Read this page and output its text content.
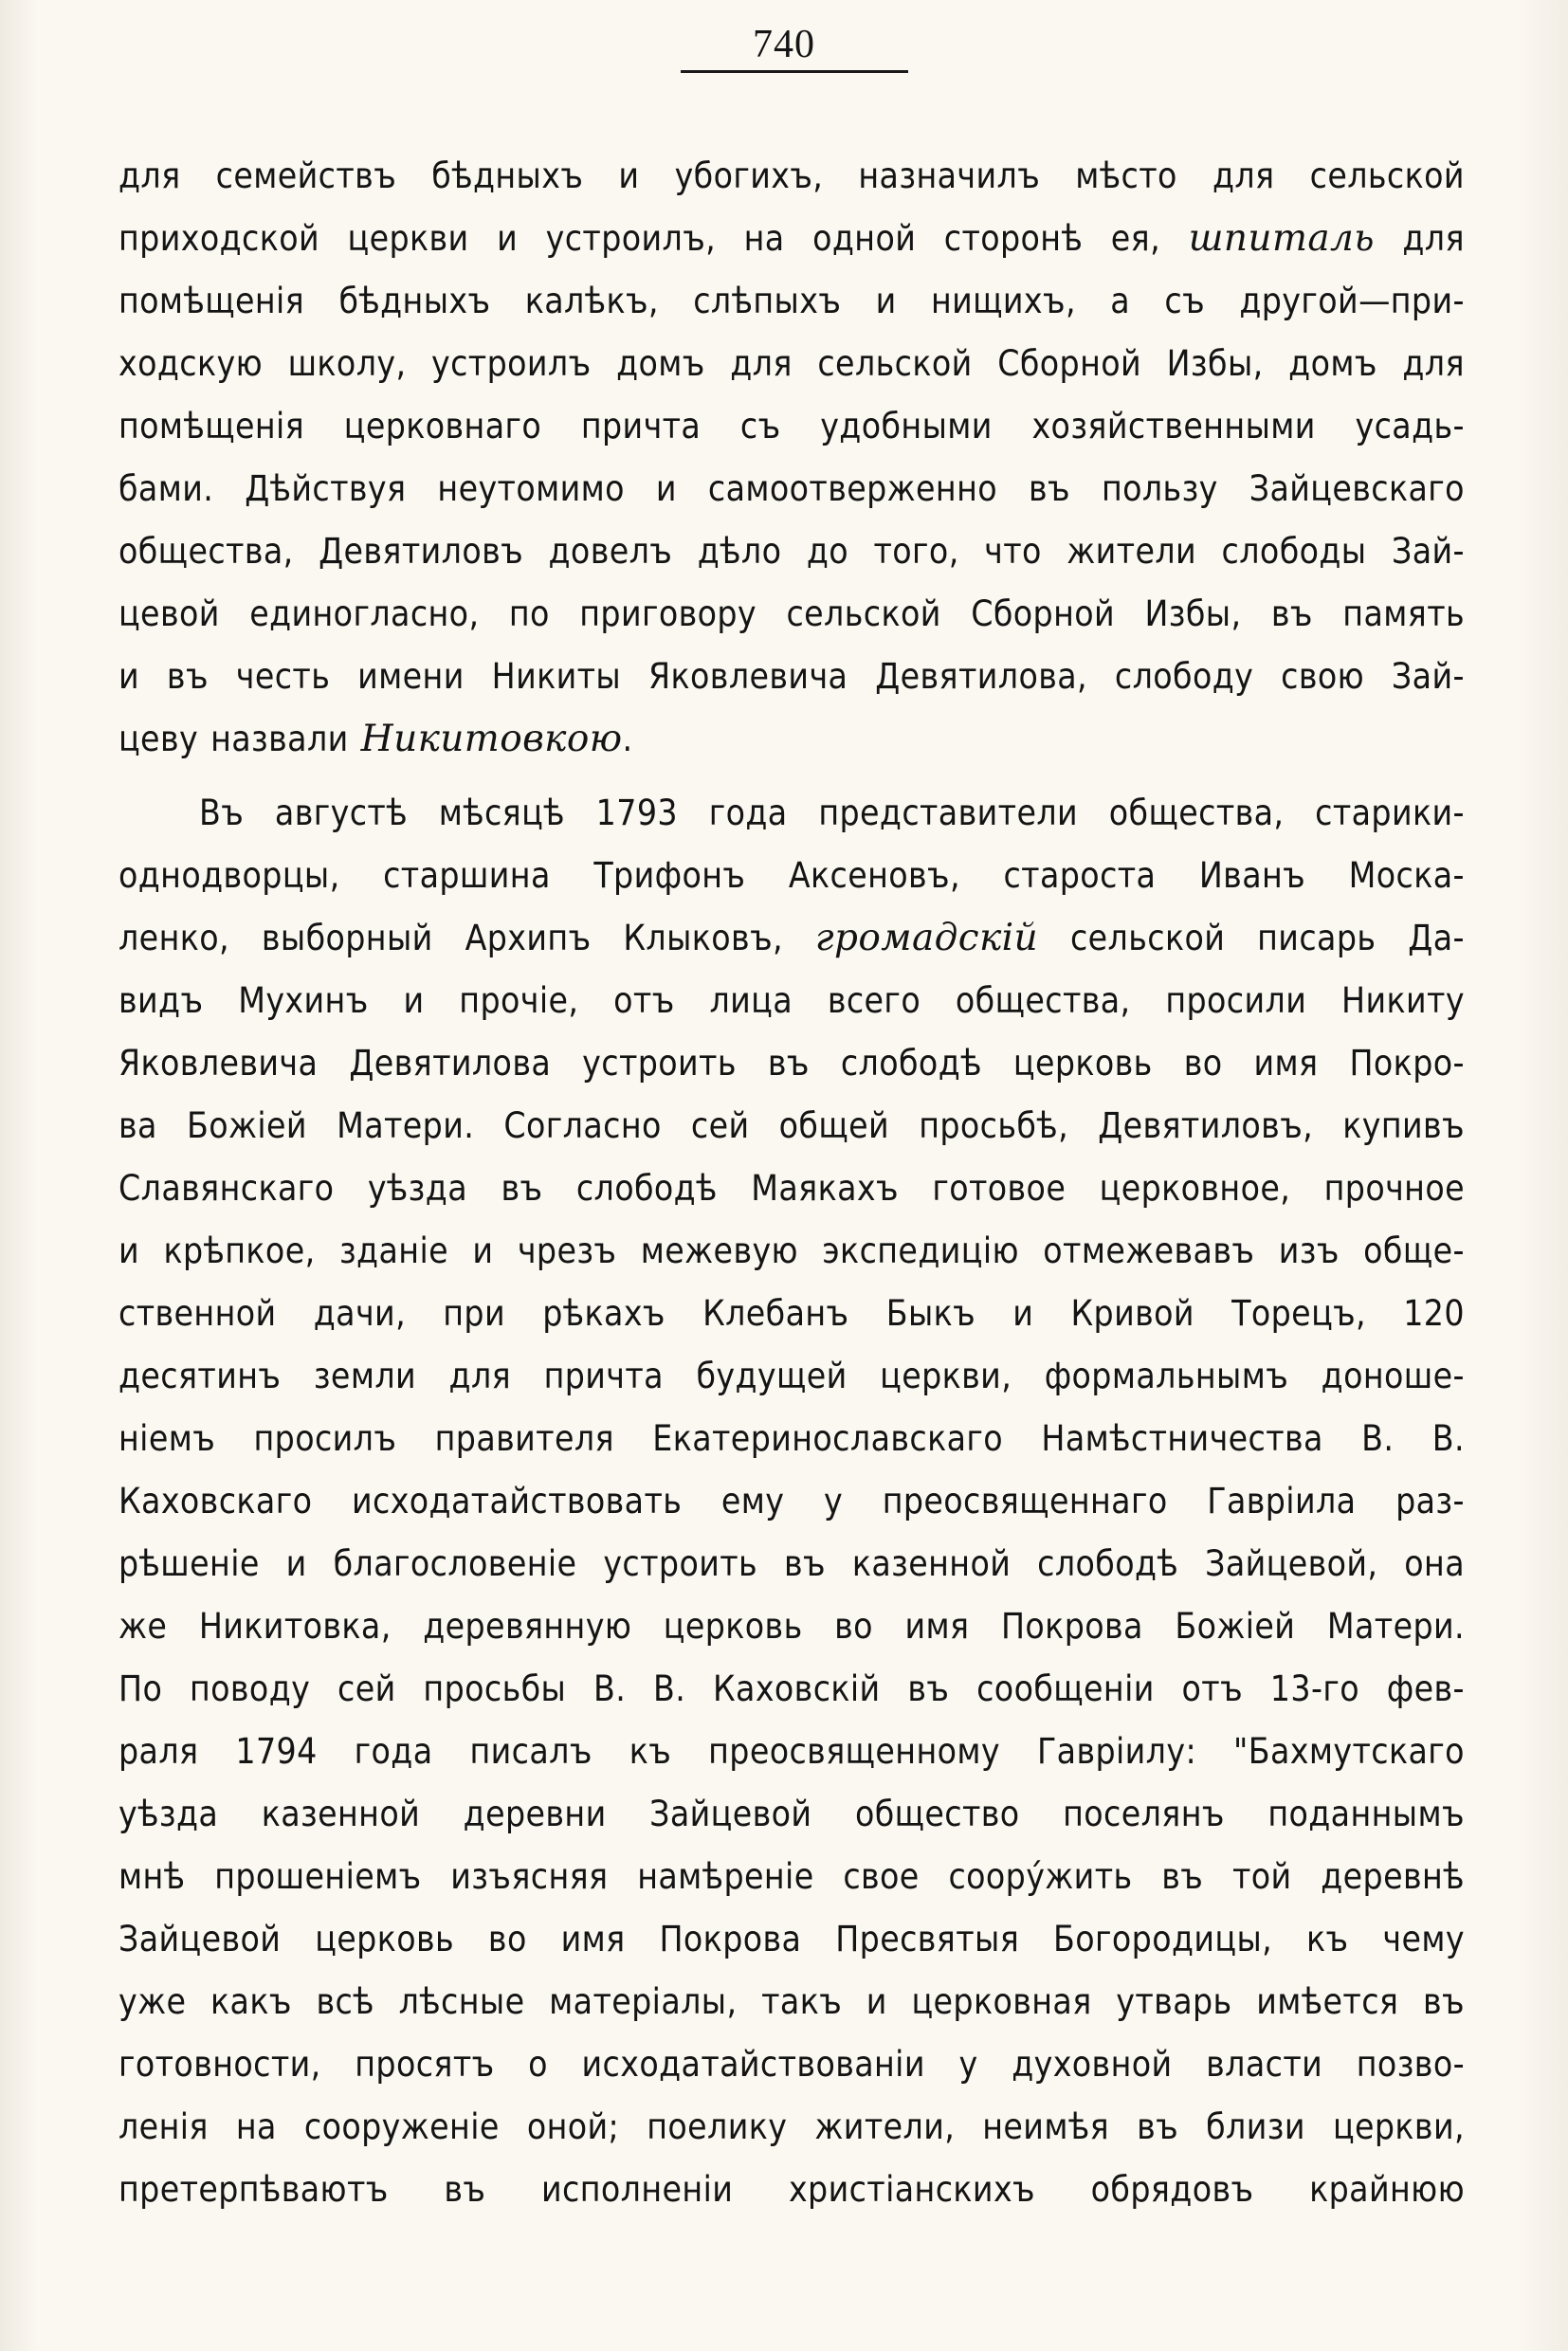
740
для семействъ бѣдныхъ и убогихъ, назначилъ мѣсто для сельской
приходской церкви и устроилъ, на одной сторонѣ ея, шпиталь для
помѣщенія бѣдныхъ калѣкъ, слѣпыхъ и нищихъ, а съ другой—при-
ходскую школу, устроилъ домъ для сельской Сборной Избы, домъ для
помѣщенія церковнаго причта съ удобными хозяйственными усадь-
бами. Дѣйствуя неутомимо и самоотверженно въ пользу Зайцевскаго
общества, Девятиловъ довелъ дѣло до того, что жители слободы Зай-
цевой единогласно, по приговору сельской Сборной Избы, въ память
и въ честь имени Никиты Яковлевича Девятилова, слободу свою Зай-
цеву назвали Никитовкою .
Въ августѣ мѣсяцѣ 1793 года представители общества, старики-
однодворцы, старшина Трифонъ Аксеновъ, староста Иванъ Моска-
ленко, выборный Архипъ Клыковъ, громадскій сельской писарь Да-
видъ Мухинъ и прочіе, отъ лица всего общества, просили Никиту
Яковлевича Девятилова устроить въ слободѣ церковь во имя Покро-
ва Божіей Матери. Согласно сей общей просьбѣ, Девятиловъ, купивъ
Славянскаго уѣзда въ слободѣ Маякахъ готовое церковное, прочное
и крѣпкое, зданіе и чрезъ межевую экспедицію отмежевавъ изъ обще-
ственной дачи, при рѣкахъ Клебанъ Быкъ и Кривой Торецъ, 120
десятинъ земли для причта будущей церкви, формальнымъ доноше-
ніемъ просилъ правителя Екатеринославскаго Намѣстничества В. В.
Каховскаго исходатайствовать ему у преосвященнаго Гавріила раз-
рѣшеніе и благословеніе устроить въ казенной слободѣ Зайцевой, она
же Никитовка, деревянную церковь во имя Покрова Божіей Матери.
По поводу сей просьбы В. В. Каховскій въ сообщеніи отъ 13-го фев-
раля 1794 года писалъ къ преосвященному Гавріилу: "Бахмутскаго
уѣзда казенной деревни Зайцевой общество поселянъ поданнымъ
мнѣ прошеніемъ изъясняя намѣреніе свое соорýжить въ той деревнѣ
Зайцевой церковь во имя Покрова Пресвятыя Богородицы, къ чему
уже какъ всѣ лѣсные матеріалы, такъ и церковная утварь имѣется въ
готовности, просятъ о исходатайствованіи у духовной власти позво-
ленія на сооруженіе оной; поелику жители, неимѣя въ близи церкви,
претерпѣваютъ въ исполненіи христіанскихъ обрядовъ крайнюю
